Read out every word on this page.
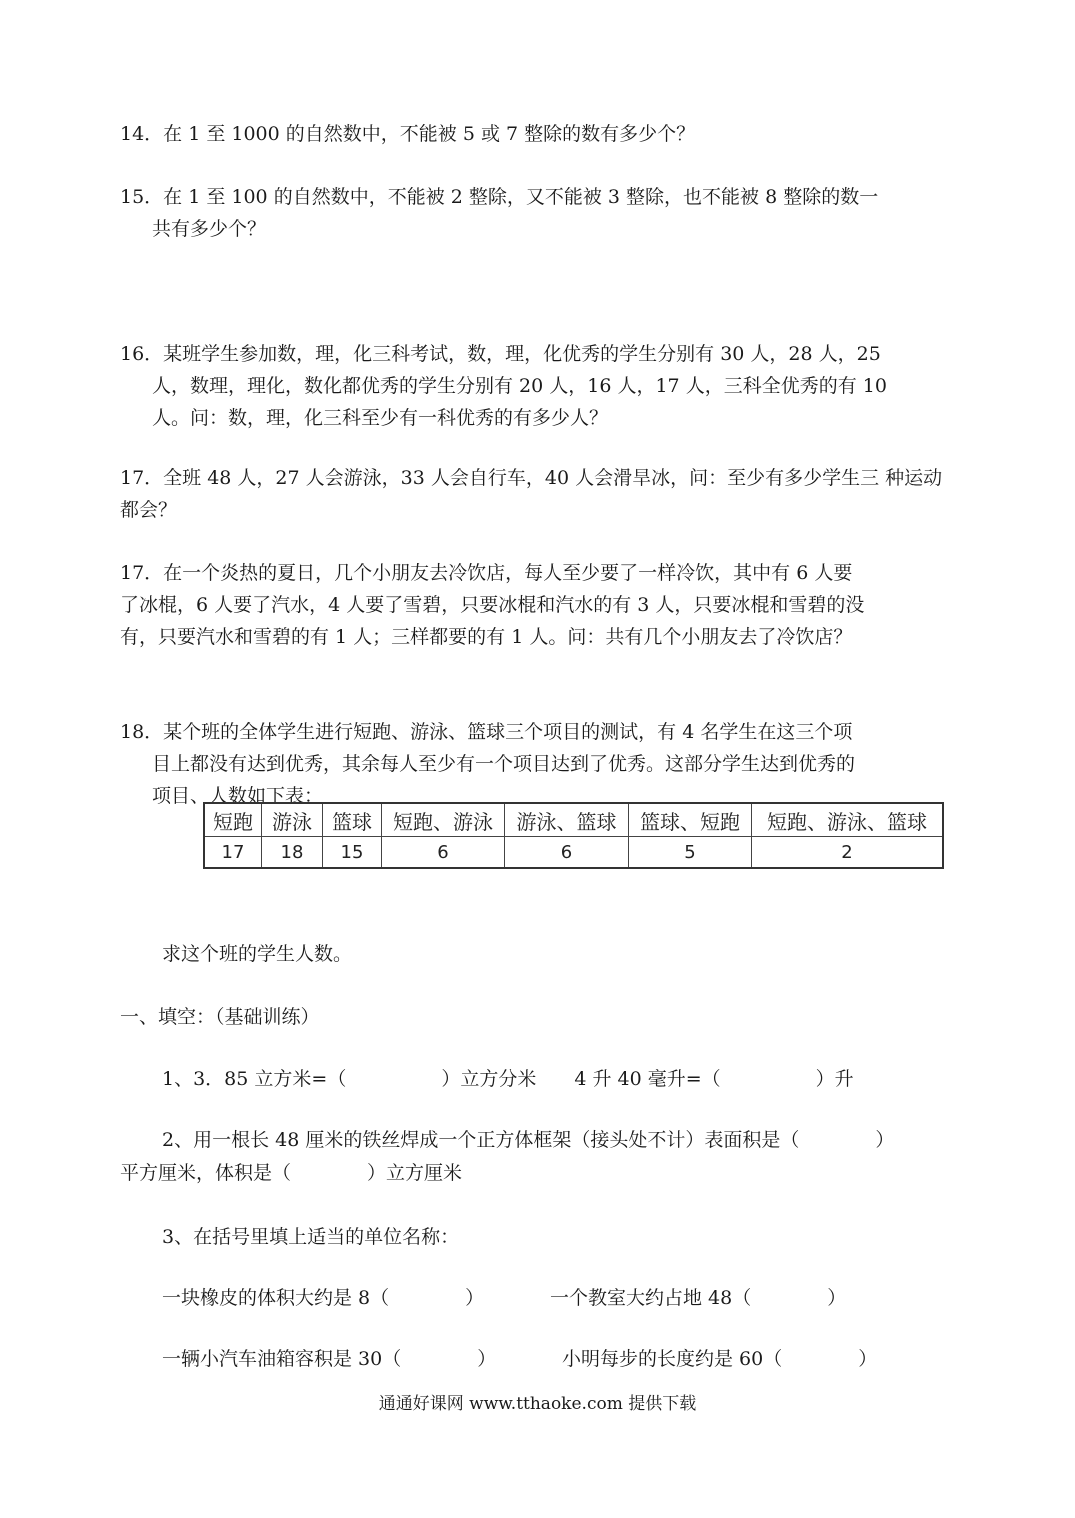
14．在 1 至 1000 的自然数中，不能被 5 或 7 整除的数有多少个？
15．在 1 至 100 的自然数中，不能被 2 整除，又不能被 3 整除，也不能被 8 整除的数一
共有多少个？
16．某班学生参加数，理，化三科考试，数，理，化优秀的学生分别有 30 人，28 人，25
人，数理，理化，数化都优秀的学生分别有 20 人，16 人，17 人，三科全优秀的有 10
人。问：数，理，化三科至少有一科优秀的有多少人？
17．全班 48 人，27 人会游泳，33 人会自行车，40 人会滑旱冰，问：至少有多少学生三 种运动都会？
17．在一个炎热的夏日，几个小朋友去冷饮店，每人至少要了一样冷饮，其中有 6 人要
了冰棍，6 人要了汽水，4 人要了雪碧，只要冰棍和汽水的有 3 人，只要冰棍和雪碧的没
有，只要汽水和雪碧的有 1 人；三样都要的有 1 人。问：共有几个小朋友去了冷饮店？
18．某个班的全体学生进行短跑、游泳、篮球三个项目的测试，有 4 名学生在这三个项
目上都没有达到优秀，其余每人至少有一个项目达到了优秀。这部分学生达到优秀的
项目、人数如下表：
短跑	游泳	篮球	短跑、游泳	游泳、篮球	篮球、短跑	短跑、游泳、篮球
17	18	15	6	6	5	2
求这个班的学生人数。
一、填空：（基础训练）
1、3．85 立方米=（　　　　　）立方分米　　4 升 40 毫升=（　　　　　）升
2、用一根长 48 厘米的铁丝焊成一个正方体框架（接头处不计）表面积是（　　　　）
平方厘米，体积是（　　　　）立方厘米
3、在括号里填上适当的单位名称：
一块橡皮的体积大约是 8（　　　　）	一个教室大约占地 48（　　　　）
一辆小汽车油箱容积是 30（　　　　）	小明每步的长度约是 60（　　　　）
通通好课网 www.tthaoke.com 提供下载
